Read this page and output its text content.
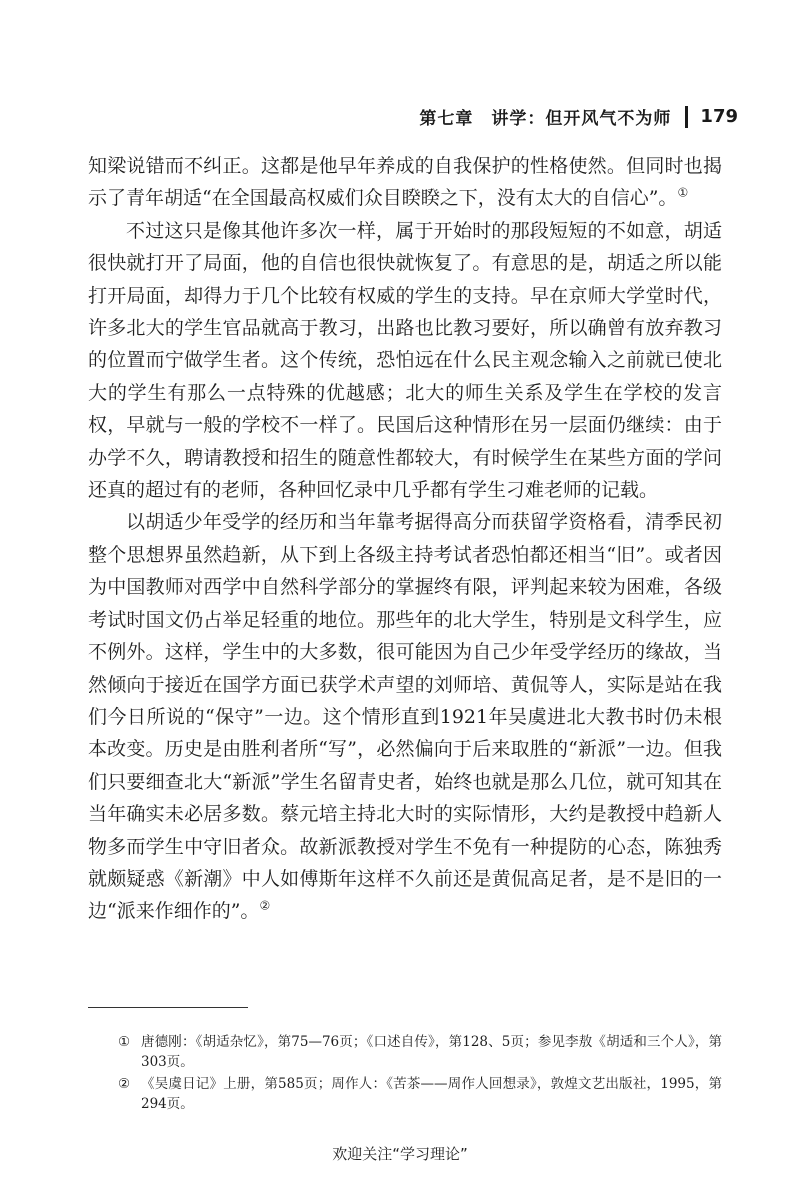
第七章　讲学：但开风气不为师 179

知梁说错而不纠正。这都是他早年养成的自我保护的性格使然。但同时也揭示了青年胡适“在全国最高权威们众目睽睽之下，没有太大的自信心”。①

不过这只是像其他许多次一样，属于开始时的那段短短的不如意，胡适很快就打开了局面，他的自信也很快就恢复了。有意思的是，胡适之所以能打开局面，却得力于几个比较有权威的学生的支持。早在京师大学堂时代，许多北大的学生官品就高于教习，出路也比教习要好，所以确曾有放弃教习的位置而宁做学生者。这个传统，恐怕远在什么民主观念输入之前就已使北大的学生有那么一点特殊的优越感；北大的师生关系及学生在学校的发言权，早就与一般的学校不一样了。民国后这种情形在另一层面仍继续：由于办学不久，聘请教授和招生的随意性都较大，有时候学生在某些方面的学问还真的超过有的老师，各种回忆录中几乎都有学生刁难老师的记载。

以胡适少年受学的经历和当年靠考据得高分而获留学资格看，清季民初整个思想界虽然趋新，从下到上各级主持考试者恐怕都还相当“旧”。或者因为中国教师对西学中自然科学部分的掌握终有限，评判起来较为困难，各级考试时国文仍占举足轻重的地位。那些年的北大学生，特别是文科学生，应不例外。这样，学生中的大多数，很可能因为自己少年受学经历的缘故，当然倾向于接近在国学方面已获学术声望的刘师培、黄侃等人，实际是站在我们今日所说的“保守”一边。这个情形直到1921年吴虞进北大教书时仍未根本改变。历史是由胜利者所“写”，必然偏向于后来取胜的“新派”一边。但我们只要细查北大“新派”学生名留青史者，始终也就是那么几位，就可知其在当年确实未必居多数。蔡元培主持北大时的实际情形，大约是教授中趋新人物多而学生中守旧者众。故新派教授对学生不免有一种提防的心态，陈独秀就颇疑惑《新潮》中人如傅斯年这样不久前还是黄侃高足者，是不是旧的一边“派来作细作的”。②

① 唐德刚：《胡适杂忆》，第75—76页；《口述自传》，第128、5页；参见李敖《胡适和三个人》，第303页。

② 《吴虞日记》上册，第585页；周作人：《苦茶——周作人回想录》，敦煌文艺出版社，1995，第294页。

欢迎关注“学习理论”
